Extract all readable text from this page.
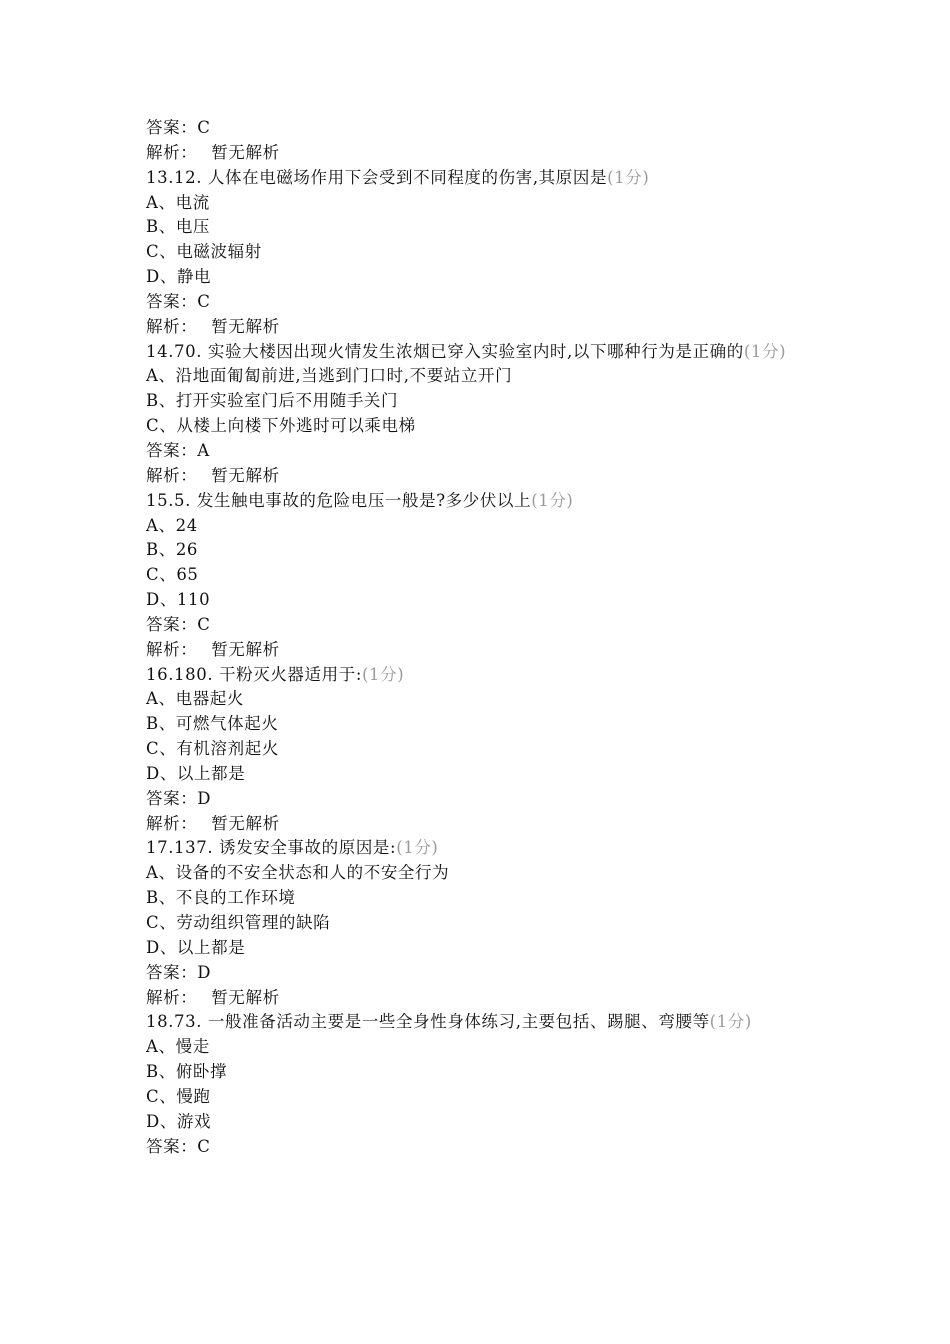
答案：C
解析： 暂无解析
13.12. 人体在电磁场作用下会受到不同程度的伤害,其原因是(1分)
A、电流
B、电压
C、电磁波辐射
D、静电
答案：C
解析： 暂无解析
14.70. 实验大楼因出现火情发生浓烟已穿入实验室内时,以下哪种行为是正确的(1分)
A、沿地面匍匐前进,当逃到门口时,不要站立开门
B、打开实验室门后不用随手关门
C、从楼上向楼下外逃时可以乘电梯
答案：A
解析： 暂无解析
15.5. 发生触电事故的危险电压一般是?多少伏以上(1分)
A、24
B、26
C、65
D、110
答案：C
解析： 暂无解析
16.180. 干粉灭火器适用于:(1分)
A、电器起火
B、可燃气体起火
C、有机溶剂起火
D、以上都是
答案：D
解析： 暂无解析
17.137. 诱发安全事故的原因是:(1分)
A、设备的不安全状态和人的不安全行为
B、不良的工作环境
C、劳动组织管理的缺陷
D、以上都是
答案：D
解析： 暂无解析
18.73. 一般准备活动主要是一些全身性身体练习,主要包括、踢腿、弯腰等(1分)
A、慢走
B、俯卧撑
C、慢跑
D、游戏
答案：C
